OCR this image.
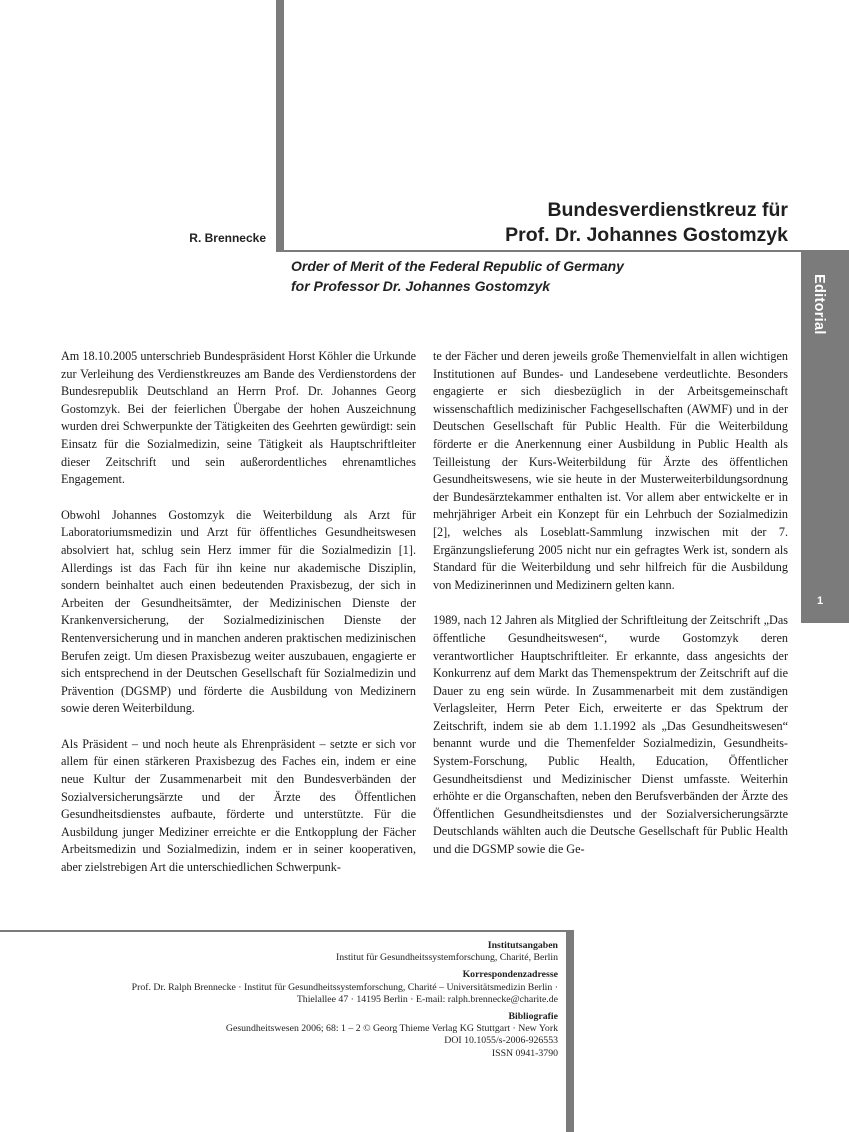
R. Brennecke
Bundesverdienstkreuz für
Prof. Dr. Johannes Gostomzyk
Order of Merit of the Federal Republic of Germany
for Professor Dr. Johannes Gostomzyk	Editorial
1

Am 18.10.2005 unterschrieb Bundespräsident Horst Köhler die Urkunde zur Verleihung des Verdienstkreuzes am Bande des Verdienstordens der Bundesrepublik Deutschland an Herrn Prof. Dr. Johannes Georg Gostomzyk. Bei der feierlichen Übergabe der hohen Auszeichnung wurden drei Schwerpunkte der Tätigkeiten des Geehrten gewürdigt: sein Einsatz für die Sozialmedizin, seine Tätigkeit als Hauptschriftleiter dieser Zeitschrift und sein außerordentliches ehrenamtliches Engagement.

Obwohl Johannes Gostomzyk die Weiterbildung als Arzt für Laboratoriumsmedizin und Arzt für öffentliches Gesundheitswesen absolviert hat, schlug sein Herz immer für die Sozialmedizin [1]. Allerdings ist das Fach für ihn keine nur akademische Disziplin, sondern beinhaltet auch einen bedeutenden Praxisbezug, der sich in Arbeiten der Gesundheitsämter, der Medizinischen Dienste der Krankenversicherung, der Sozialmedizinischen Dienste der Rentenversicherung und in manchen anderen praktischen medizinischen Berufen zeigt. Um diesen Praxisbezug weiter auszubauen, engagierte er sich entsprechend in der Deutschen Gesellschaft für Sozialmedizin und Prävention (DGSMP) und förderte die Ausbildung von Medizinern sowie deren Weiterbildung.

Als Präsident – und noch heute als Ehrenpräsident – setzte er sich vor allem für einen stärkeren Praxisbezug des Faches ein, indem er eine neue Kultur der Zusammenarbeit mit den Bundesverbänden der Sozialversicherungsärzte und der Ärzte des Öffentlichen Gesundheitsdienstes aufbaute, förderte und unterstützte. Für die Ausbildung junger Mediziner erreichte er die Entkopplung der Fächer Arbeitsmedizin und Sozialmedizin, indem er in seiner kooperativen, aber zielstrebigen Art die unterschiedlichen Schwerpunk-

te der Fächer und deren jeweils große Themenvielfalt in allen wichtigen Institutionen auf Bundes- und Landesebene verdeutlichte. Besonders engagierte er sich diesbezüglich in der Arbeitsgemeinschaft wissenschaftlich medizinischer Fachgesellschaften (AWMF) und in der Deutschen Gesellschaft für Public Health. Für die Weiterbildung förderte er die Anerkennung einer Ausbildung in Public Health als Teilleistung der Kurs-Weiterbildung für Ärzte des öffentlichen Gesundheitswesens, wie sie heute in der Musterweiterbildungsordnung der Bundesärztekammer enthalten ist. Vor allem aber entwickelte er in mehrjähriger Arbeit ein Konzept für ein Lehrbuch der Sozialmedizin [2], welches als Loseblatt-Sammlung inzwischen mit der 7. Ergänzungslieferung 2005 nicht nur ein gefragtes Werk ist, sondern als Standard für die Weiterbildung und sehr hilfreich für die Ausbildung von Medizinerinnen und Medizinern gelten kann.

1989, nach 12 Jahren als Mitglied der Schriftleitung der Zeitschrift „Das öffentliche Gesundheitswesen“, wurde Gostomzyk deren verantwortlicher Hauptschriftleiter. Er erkannte, dass angesichts der Konkurrenz auf dem Markt das Themenspektrum der Zeitschrift auf die Dauer zu eng sein würde. In Zusammenarbeit mit dem zuständigen Verlagsleiter, Herrn Peter Eich, erweiterte er das Spektrum der Zeitschrift, indem sie ab dem 1.1.1992 als „Das Gesundheitswesen“ benannt wurde und die Themenfelder Sozialmedizin, Gesundheits-System-Forschung, Public Health, Education, Öffentlicher Gesundheitsdienst und Medizinischer Dienst umfasste. Weiterhin erhöhte er die Organschaften, neben den Berufsverbänden der Ärzte des Öffentlichen Gesundheitsdienstes und der Sozialversicherungsärzte Deutschlands wählten auch die Deutsche Gesellschaft für Public Health und die DGSMP sowie die Ge-

Institutsangaben
Institut für Gesundheitssystemforschung, Charité, Berlin
Korrespondenzadresse
Prof. Dr. Ralph Brennecke · Institut für Gesundheitssystemforschung, Charité – Universitätsmedizin Berlin ·
Thielallee 47 · 14195 Berlin · E-mail: ralph.brennecke@charite.de
Bibliografie
Gesundheitswesen 2006; 68: 1 – 2 © Georg Thieme Verlag KG Stuttgart · New York
DOI 10.1055/s-2006-926553
ISSN 0941-3790
